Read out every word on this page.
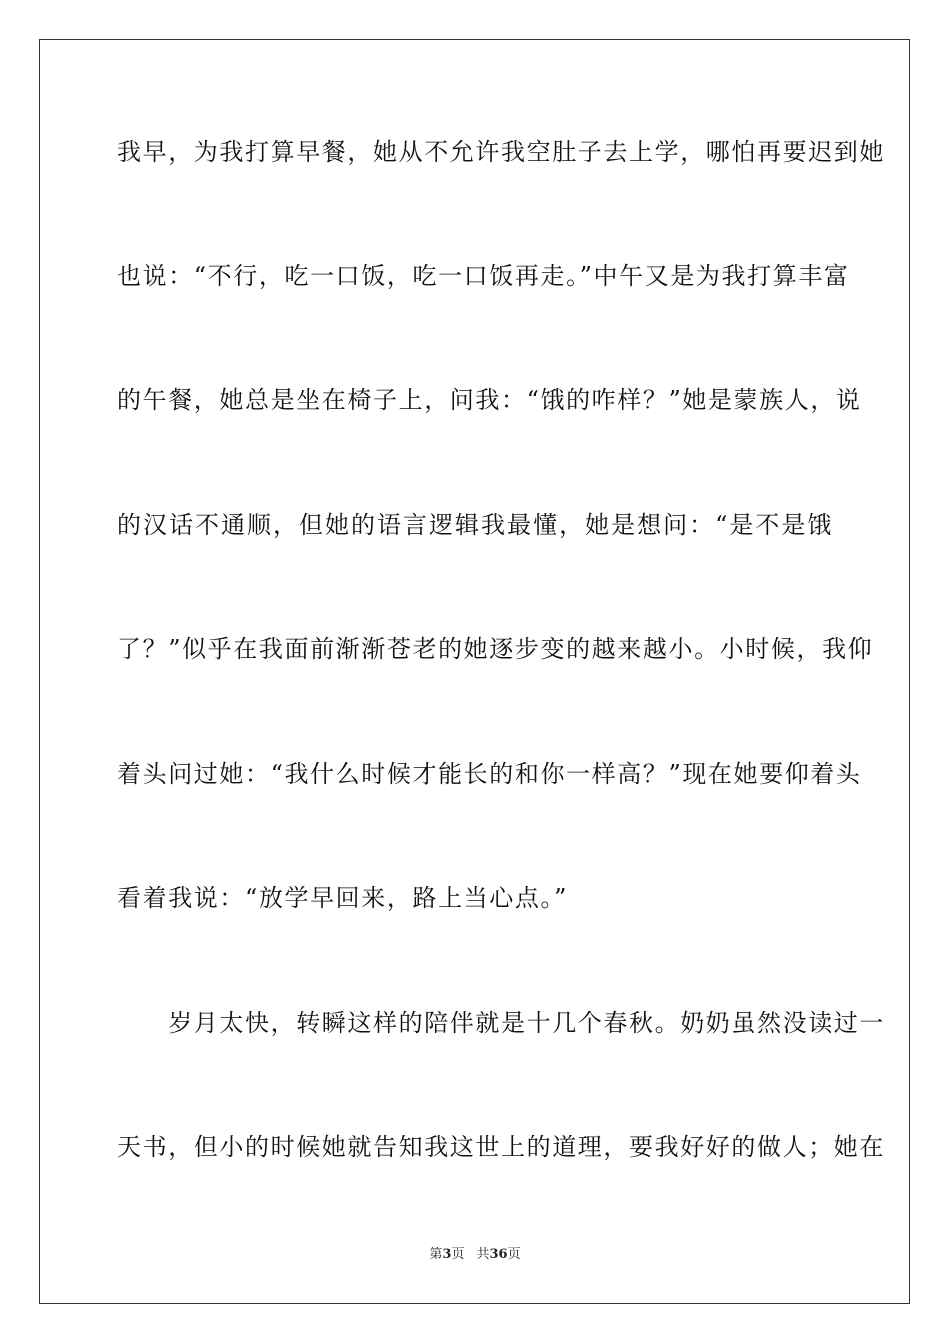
我早，为我打算早餐，她从不允许我空肚子去上学，哪怕再要迟到她
也说：“不行，吃一口饭，吃一口饭再走。”中午又是为我打算丰富
的午餐，她总是坐在椅子上，问我：“饿的咋样？”她是蒙族人，说
的汉话不通顺，但她的语言逻辑我最懂，她是想问：“是不是饿
了？”似乎在我面前渐渐苍老的她逐步变的越来越小。小时候，我仰
着头问过她：“我什么时候才能长的和你一样高？”现在她要仰着头
看着我说：“放学早回来，路上当心点。”
　　岁月太快，转瞬这样的陪伴就是十几个春秋。奶奶虽然没读过一
天书，但小的时候她就告知我这世上的道理，要我好好的做人；她在
第3页 共36页
